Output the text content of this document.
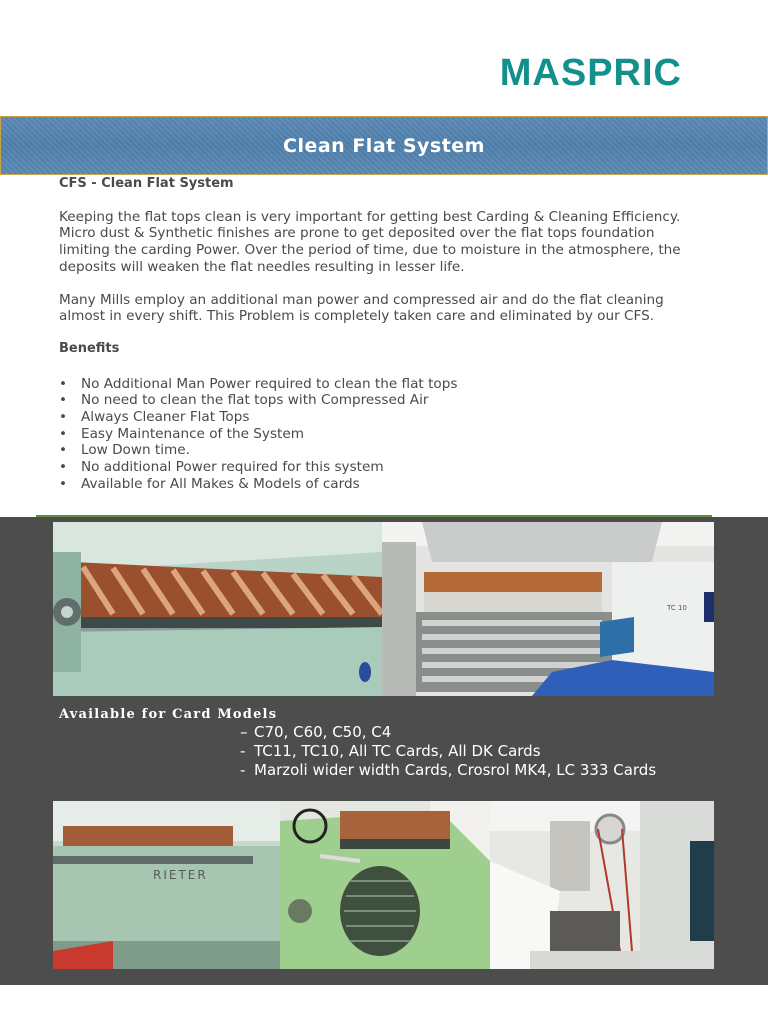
MASPRIC
Clean Flat System

CFS - Clean Flat System

Keeping the flat tops clean is very important for getting best Carding & Cleaning Efficiency. Micro dust & Synthetic finishes are prone to get deposited over the flat tops foundation limiting the carding Power. Over the period of time, due to moisture in the atmosphere, the deposits will weaken the flat needles resulting in lesser life.

Many Mills employ an additional man power and compressed air and do the flat cleaning almost in every shift. This Problem is completely taken care and eliminated by our CFS.

Benefits

• No Additional Man Power required to clean the flat tops
• No need to clean the flat tops with Compressed Air
• Always Cleaner Flat Tops
• Easy Maintenance of the System
• Low Down time.
• No additional Power required for this system
• Available for All Makes & Models of cards
TC 10
Available for Card Models
– C70, C60, C50, C4
- TC11, TC10, All TC Cards, All DK Cards
- Marzoli wider width Cards, Crosrol MK4, LC 333 Cards
RIETER
